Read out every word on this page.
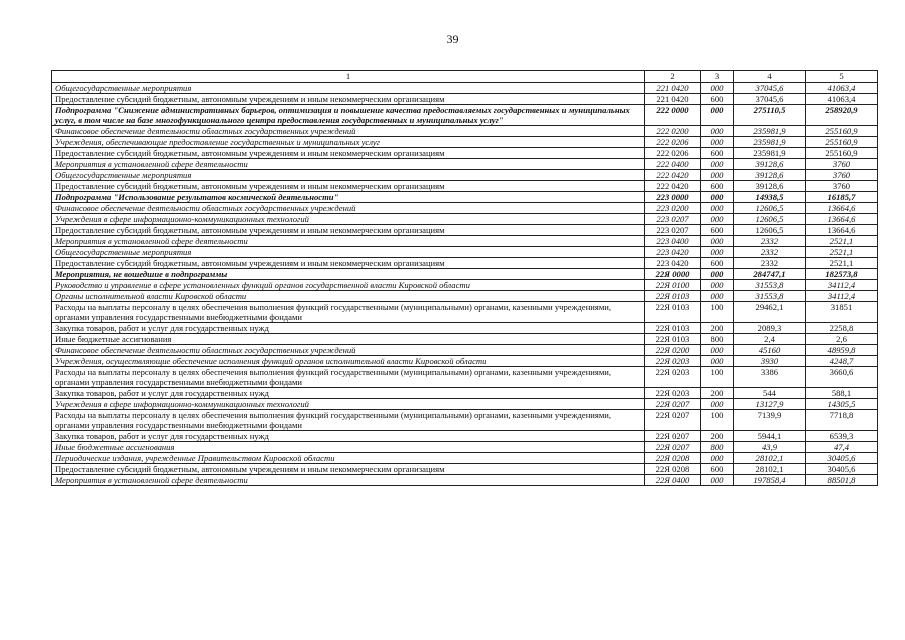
39
1	2	3	4	5
Общегосударственные мероприятия	221 0420	000	37045,6	41063,4
Предоставление субсидий бюджетным, автономным учреждениям и иным некоммерческим организациям	221 0420	600	37045,6	41063,4
Подпрограмма "Снижение административных барьеров, оптимизация и повышение качества предоставляемых государственных и муниципальных услуг, в том числе на базе многофункционального центра предоставления государственных и муниципальных услуг"	222 0000	000	275110,5	258920,9
Финансовое обеспечение деятельности областных государственных учреждений	222 0200	000	235981,9	255160,9
Учреждения, обеспечивающие предоставление государственных и муниципальных услуг	222 0206	000	235981,9	255160,9
Предоставление субсидий бюджетным, автономным учреждениям и иным некоммерческим организациям	222 0206	600	235981,9	255160,9
Мероприятия в установленной сфере деятельности	222 0400	000	39128,6	3760
Общегосударственные мероприятия	222 0420	000	39128,6	3760
Предоставление субсидий бюджетным, автономным учреждениям и иным некоммерческим организациям	222 0420	600	39128,6	3760
Подпрограмма "Использование результатов космической деятельности"	223 0000	000	14938,5	16185,7
Финансовое обеспечение деятельности областных государственных учреждений	223 0200	000	12606,5	13664,6
Учреждения в сфере информационно-коммуникационных технологий	223 0207	000	12606,5	13664,6
Предоставление субсидий бюджетным, автономным учреждениям и иным некоммерческим организациям	223 0207	600	12606,5	13664,6
Мероприятия в установленной сфере деятельности	223 0400	000	2332	2521,1
Общегосударственные мероприятия	223 0420	000	2332	2521,1
Предоставление субсидий бюджетным, автономным учреждениям и иным некоммерческим организациям	223 0420	600	2332	2521,1
Мероприятия, не вошедшие в подпрограммы	22Я 0000	000	284747,1	182573,8
Руководство и управление в сфере установленных функций органов государственной власти Кировской области	22Я 0100	000	31553,8	34112,4
Органы исполнительной власти Кировской области	22Я 0103	000	31553,8	34112,4
Расходы на выплаты персоналу в целях обеспечения выполнения функций государственными (муниципальными) органами, казенными учреждениями, органами управления государственными внебюджетными фондами	22Я 0103	100	29462,1	31851
Закупка товаров, работ и услуг для государственных нужд	22Я 0103	200	2089,3	2258,8
Иные бюджетные ассигнования	22Я 0103	800	2,4	2,6
Финансовое обеспечение деятельности областных государственных учреждений	22Я 0200	000	45160	48959,8
Учреждения, осуществляющие обеспечение исполнения функций органов исполнительной власти Кировской области	22Я 0203	000	3930	4248,7
Расходы на выплаты персоналу в целях обеспечения выполнения функций государственными (муниципальными) органами, казенными учреждениями, органами управления государственными внебюджетными фондами	22Я 0203	100	3386	3660,6
Закупка товаров, работ и услуг для государственных нужд	22Я 0203	200	544	588,1
Учреждения в сфере информационно-коммуникационных технологий	22Я 0207	000	13127,9	14305,5
Расходы на выплаты персоналу в целях обеспечения выполнения функций государственными (муниципальными) органами, казенными учреждениями, органами управления государственными внебюджетными фондами	22Я 0207	100	7139,9	7718,8
Закупка товаров, работ и услуг для государственных нужд	22Я 0207	200	5944,1	6539,3
Иные бюджетные ассигнования	22Я 0207	800	43,9	47,4
Периодические издания, учрежденные Правительством Кировской области	22Я 0208	000	28102,1	30405,6
Предоставление субсидий бюджетным, автономным учреждениям и иным некоммерческим организациям	22Я 0208	600	28102,1	30405,6
Мероприятия в установленной сфере деятельности	22Я 0400	000	197858,4	88501,8
